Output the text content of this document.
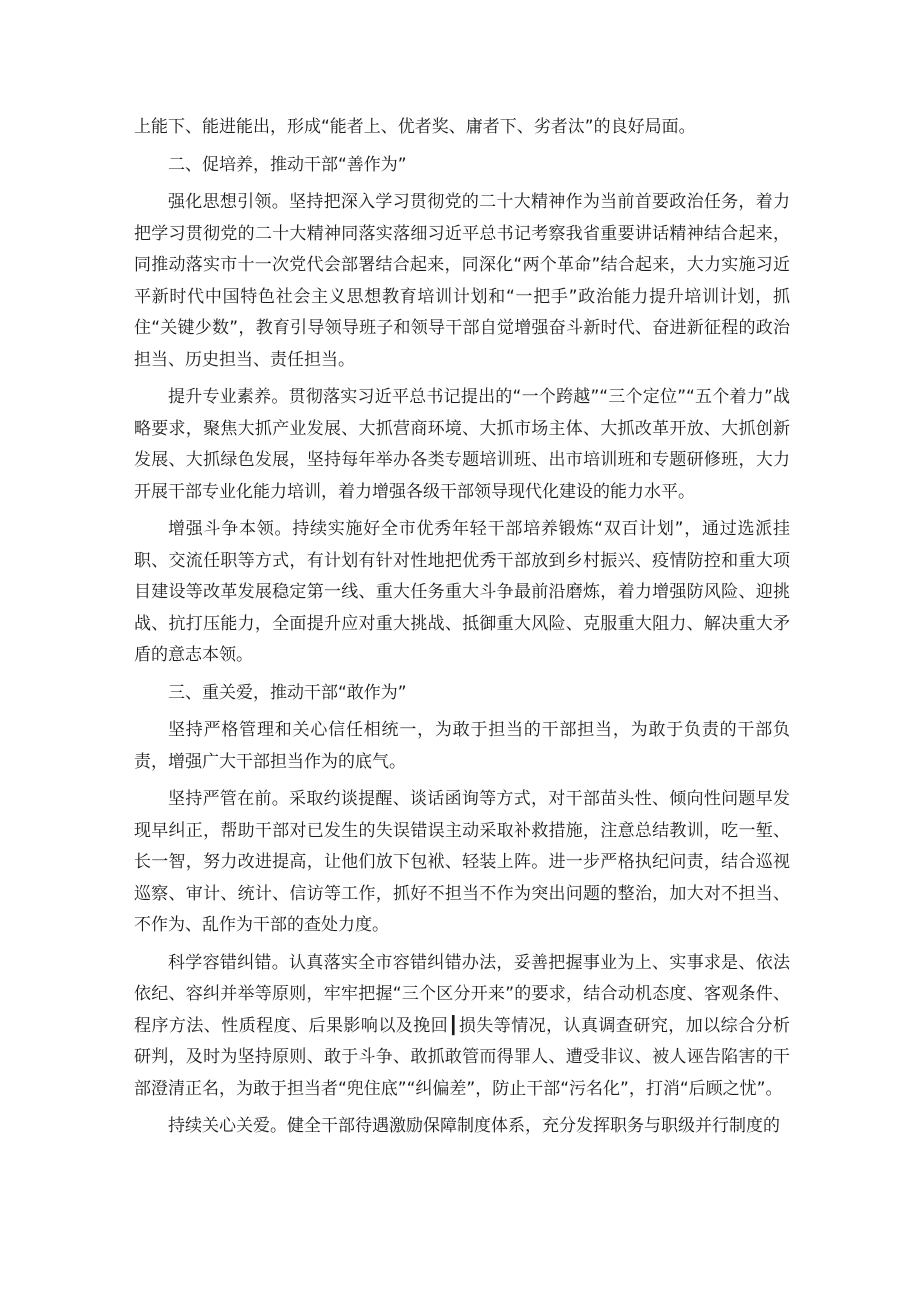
上能下、能进能出，形成“能者上、优者奖、庸者下、劣者汰”的良好局面。

二、促培养，推动干部“善作为”

强化思想引领。坚持把深入学习贯彻党的二十大精神作为当前首要政治任务，着力把学习贯彻党的二十大精神同落实落细习近平总书记考察我省重要讲话精神结合起来，同推动落实市十一次党代会部署结合起来，同深化“两个革命”结合起来，大力实施习近平新时代中国特色社会主义思想教育培训计划和“一把手”政治能力提升培训计划，抓住“关键少数”，教育引导领导班子和领导干部自觉增强奋斗新时代、奋进新征程的政治担当、历史担当、责任担当。

提升专业素养。贯彻落实习近平总书记提出的“一个跨越”“三个定位”“五个着力”战略要求，聚焦大抓产业发展、大抓营商环境、大抓市场主体、大抓改革开放、大抓创新发展、大抓绿色发展，坚持每年举办各类专题培训班、出市培训班和专题研修班，大力开展干部专业化能力培训，着力增强各级干部领导现代化建设的能力水平。

增强斗争本领。持续实施好全市优秀年轻干部培养锻炼“双百计划”，通过选派挂职、交流任职等方式，有计划有针对性地把优秀干部放到乡村振兴、疫情防控和重大项目建设等改革发展稳定第一线、重大任务重大斗争最前沿磨炼，着力增强防风险、迎挑战、抗打压能力，全面提升应对重大挑战、抵御重大风险、克服重大阻力、解决重大矛盾的意志本领。

三、重关爱，推动干部“敢作为”

坚持严格管理和关心信任相统一，为敢于担当的干部担当，为敢于负责的干部负责，增强广大干部担当作为的底气。

坚持严管在前。采取约谈提醒、谈话函询等方式，对干部苗头性、倾向性问题早发现早纠正，帮助干部对已发生的失误错误主动采取补救措施，注意总结教训，吃一堑、长一智，努力改进提高，让他们放下包袱、轻装上阵。进一步严格执纪问责，结合巡视巡察、审计、统计、信访等工作，抓好不担当不作为突出问题的整治，加大对不担当、不作为、乱作为干部的查处力度。

科学容错纠错。认真落实全市容错纠错办法，妥善把握事业为上、实事求是、依法依纪、容纠并举等原则，牢牢把握“三个区分开来”的要求，结合动机态度、客观条件、程序方法、性质程度、后果影响以及挽回┃损失等情况，认真调查研究，加以综合分析研判，及时为坚持原则、敢于斗争、敢抓敢管而得罪人、遭受非议、被人诬告陷害的干部澄清正名，为敢于担当者“兜住底”“纠偏差”，防止干部“污名化”，打消“后顾之忧”。

持续关心关爱。健全干部待遇激励保障制度体系，充分发挥职务与职级并行制度的
